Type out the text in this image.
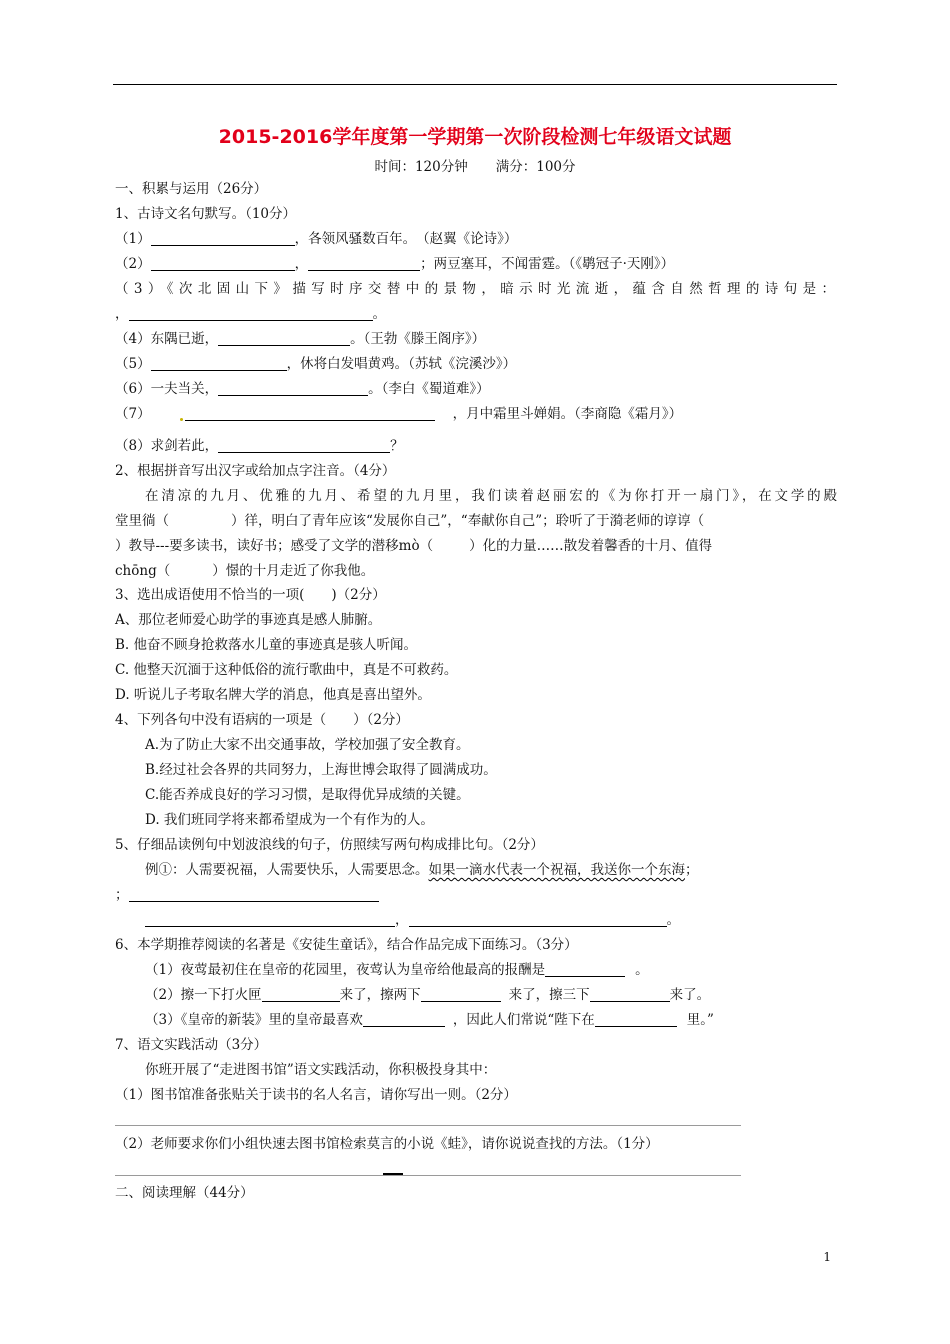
2015-2016学年度第一学期第一次阶段检测七年级语文试题
时间：120分钟 满分：100分
一、积累与运用（26分）
1、古诗文名句默写。（10分）
（1）	，各领风骚数百年。　（赵翼《论诗》）
（2）	，	；两豆塞耳，不闻雷霆。（《鹖冠子·天刚》）
（3）《次北固山下》描写时序交替中的景物，暗示时光流逝，蕴含自然哲理的诗句是：
，	。
（4）东隅已逝，	。（王勃《滕王阁序》）
（5）	，休将白发唱黄鸡。（苏轼《浣溪沙》）
（6）一夫当关，	。（李白《蜀道难》）
（7）	，月中霜里斗婵娟。（李商隐《霜月》）
（8）求剑若此，	？
2、根据拼音写出汉字或给加点字注音。（4分）
在清凉的九月、优雅的九月、希望的九月里，我们读着赵丽宏的《为你打开一扇门》，在文学的殿
堂里徜（	）徉，明白了青年应该“发展你自己”，“奉献你自己”；聆听了于漪老师的谆谆（
）教导---要多读书，读好书；感受了文学的潜移mò（	）化的力量……散发着馨香的十月、值得
chōng（	）憬的十月走近了你我他。
3、选出成语使用不恰当的一项(　　)（2分）
A、那位老师爱心助学的事迹真是感人肺腑。
B. 他奋不顾身抢救落水儿童的事迹真是骇人听闻。
C. 他整天沉湎于这种低俗的流行歌曲中，真是不可救药。
D. 听说儿子考取名牌大学的消息，他真是喜出望外。
4、下列各句中没有语病的一项是（　　）（2分）
A.为了防止大家不出交通事故，学校加强了安全教育。
B.经过社会各界的共同努力，上海世博会取得了圆满成功。
C.能否养成良好的学习习惯，是取得优异成绩的关键。
D. 我们班同学将来都希望成为一个有作为的人。
5、仔细品读例句中划波浪线的句子，仿照续写两句构成排比句。（2分）
例①：人需要祝福，人需要快乐，人需要思念。如果一滴水代表一个祝福，我送你一个东海；
；
，	。
6、本学期推荐阅读的名著是《安徒生童话》，结合作品完成下面练习。（3分）
（1）夜莺最初住在皇帝的花园里，夜莺认为皇帝给他最高的报酬是	。
（2）擦一下打火匣	来了，擦两下	来了，擦三下	来了。
（3）《皇帝的新装》里的皇帝最喜欢	，因此人们常说“陛下在	里。”
7、语文实践活动（3分）
你班开展了“走进图书馆”语文实践活动，你积极投身其中：
（1）图书馆准备张贴关于读书的名人名言，请你写出一则。（2分）
（2）老师要求你们小组快速去图书馆检索莫言的小说《蛙》，请你说说查找的方法。（1分）
二、阅读理解（44分）
1
